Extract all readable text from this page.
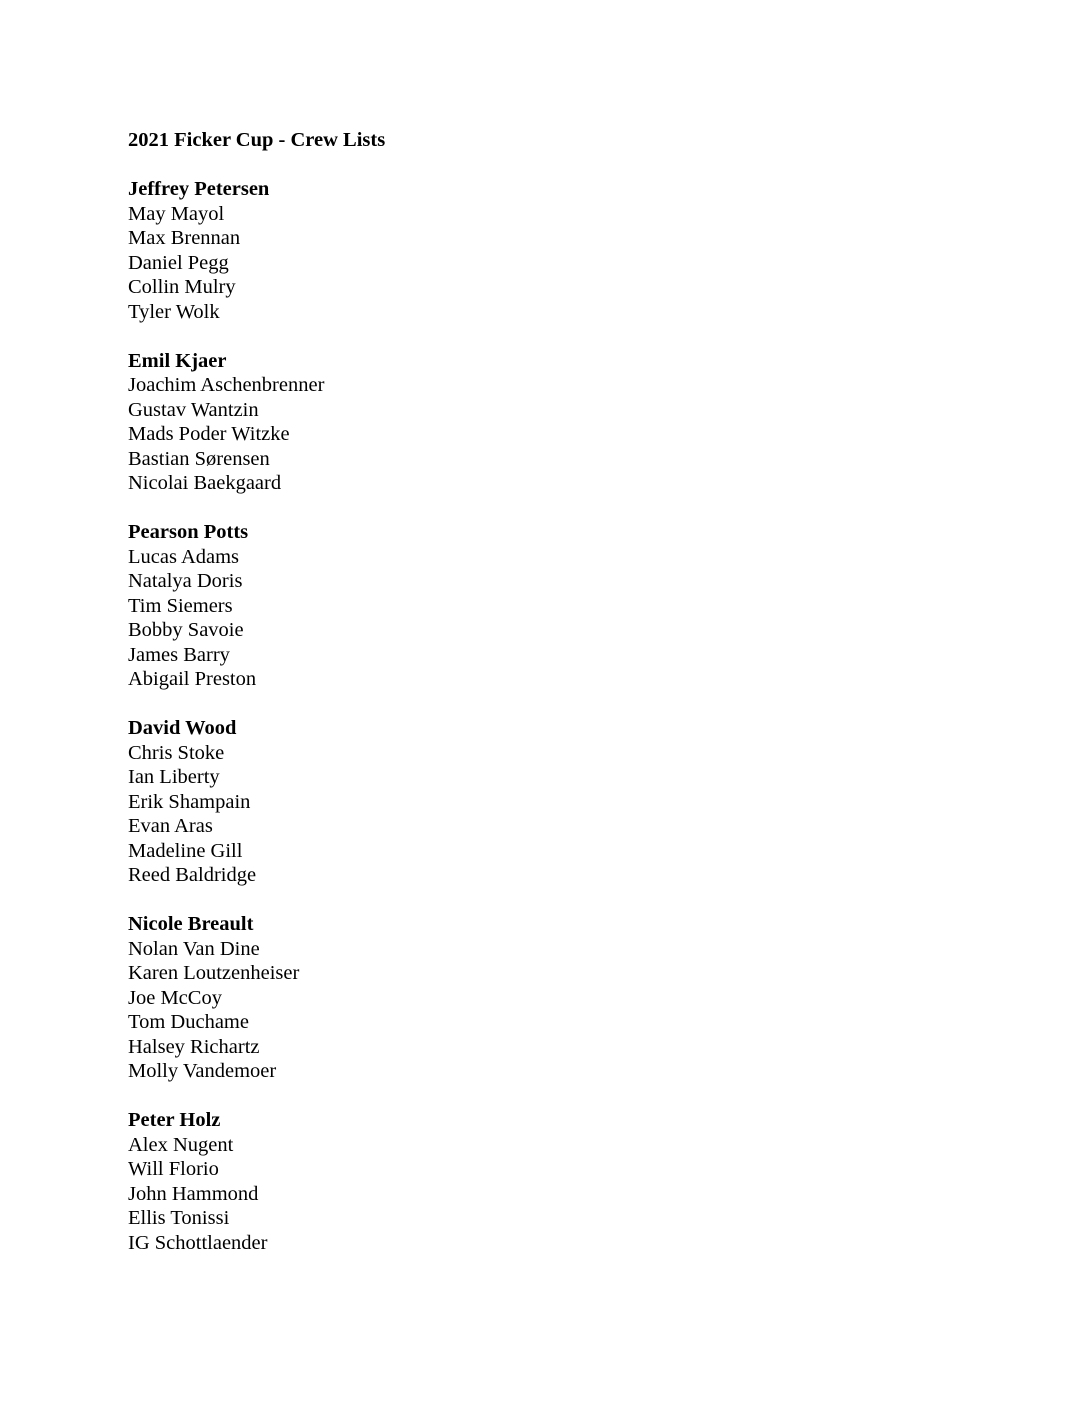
2021 Ficker Cup - Crew Lists
Jeffrey Petersen
May Mayol
Max Brennan
Daniel Pegg
Collin Mulry
Tyler Wolk
Emil Kjaer
Joachim Aschenbrenner
Gustav Wantzin
Mads Poder Witzke
Bastian Sørensen
Nicolai Baekgaard
Pearson Potts
Lucas Adams
Natalya Doris
Tim Siemers
Bobby Savoie
James Barry
Abigail Preston
David Wood
Chris Stoke
Ian Liberty
Erik Shampain
Evan Aras
Madeline Gill
Reed Baldridge
Nicole Breault
Nolan Van Dine
Karen Loutzenheiser
Joe McCoy
Tom Duchame
Halsey Richartz
Molly Vandemoer
Peter Holz
Alex Nugent
Will Florio
John Hammond
Ellis Tonissi
IG Schottlaender
